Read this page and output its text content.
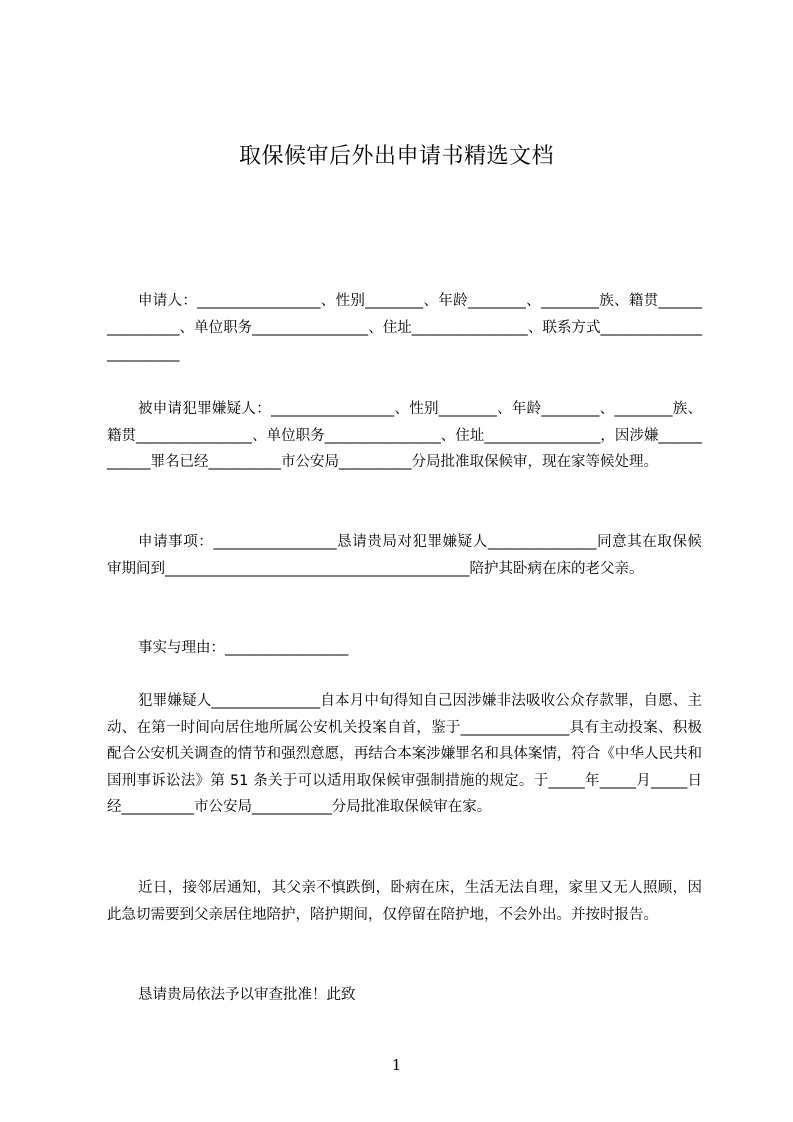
取保候审后外出申请书精选文档

申请人：_________________、性别________、年龄________、________族、籍贯________________、单位职务________________、住址________________、联系方式________________________

被申请犯罪嫌疑人：_________________、性别________、年龄________、________族、籍贯________________、单位职务________________、住址________________，因涉嫌____________罪名已经__________市公安局__________分局批准取保候审，现在家等候处理。

申请事项：_________________恳请贵局对犯罪嫌疑人_______________同意其在取保候审期间到__________________________________________陪护其卧病在床的老父亲。

事实与理由：_________________

犯罪嫌疑人_______________自本月中旬得知自己因涉嫌非法吸收公众存款罪，自愿、主动、在第一时间向居住地所属公安机关投案自首，鉴于_______________具有主动投案、积极配合公安机关调查的情节和强烈意愿，再结合本案涉嫌罪名和具体案情，符合《中华人民共和国刑事诉讼法》第 51 条关于可以适用取保候审强制措施的规定。于_____年_____月_____日经__________市公安局___________分局批准取保候审在家。

近日，接邻居通知，其父亲不慎跌倒，卧病在床，生活无法自理，家里又无人照顾，因此急切需要到父亲居住地陪护，陪护期间，仅停留在陪护地，不会外出。并按时报告。

恳请贵局依法予以审查批准！此致

1
